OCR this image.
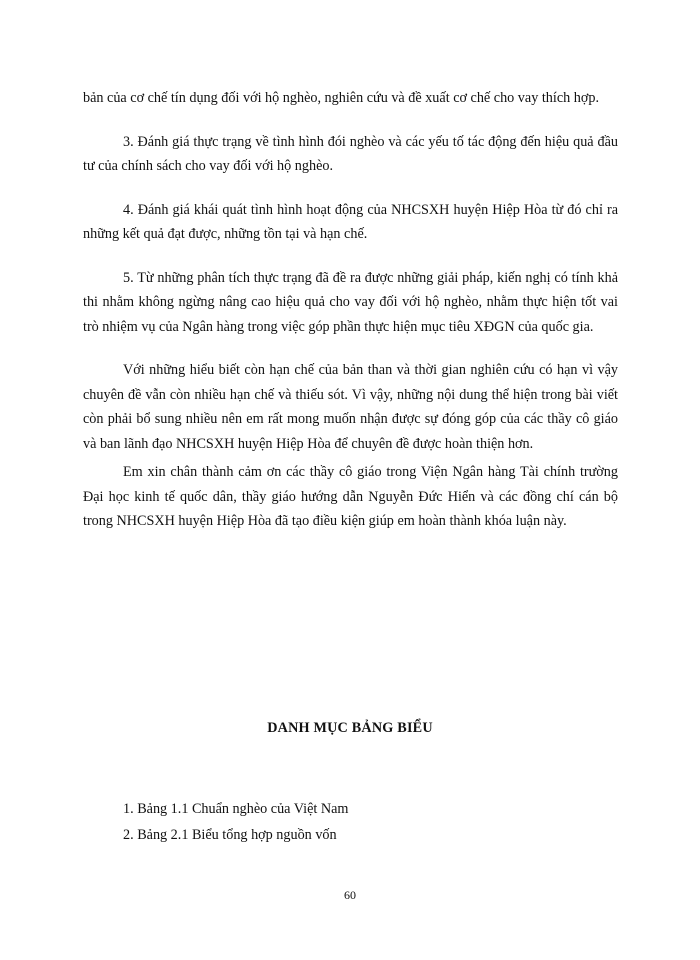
bản của cơ chế tín dụng đối với hộ nghèo, nghiên cứu và đề xuất cơ chế cho vay thích hợp.

3. Đánh giá thực trạng về tình hình đói nghèo và các yếu tố tác động đến hiệu quả đầu tư của chính sách cho vay đối với hộ nghèo.

4. Đánh giá khái quát tình hình hoạt động của NHCSXH huyện Hiệp Hòa từ đó chỉ ra những kết quả đạt được, những tồn tại và hạn chế.

5. Từ những phân tích thực trạng đã đề ra được những giải pháp, kiến nghị có tính khả thi nhằm không ngừng nâng cao hiệu quả cho vay đối với hộ nghèo, nhằm thực hiện tốt vai trò nhiệm vụ của Ngân hàng trong việc góp phần thực hiện mục tiêu XĐGN của quốc gia.

Với những hiểu biết còn hạn chế của bản than và thời gian nghiên cứu có hạn vì vậy chuyên đề vẫn còn nhiều hạn chế và thiếu sót. Vì vậy, những nội dung thể hiện trong bài viết còn phải bổ sung nhiều nên em rất mong muốn nhận được sự đóng góp của các thầy cô giáo và ban lãnh đạo NHCSXH huyện Hiệp Hòa để chuyên đề được hoàn thiện hơn.

Em xin chân thành cảm ơn các thầy cô giáo trong Viện Ngân hàng Tài chính trường Đại học kinh tế quốc dân, thầy giáo hướng dẫn Nguyễn Đức Hiển và các đồng chí cán bộ trong NHCSXH huyện Hiệp Hòa đã tạo điều kiện giúp em hoàn thành khóa luận này.

DANH MỤC BẢNG BIỂU
1. Bảng 1.1 Chuẩn nghèo của Việt Nam
2. Bảng 2.1 Biểu tổng hợp nguồn vốn
60
